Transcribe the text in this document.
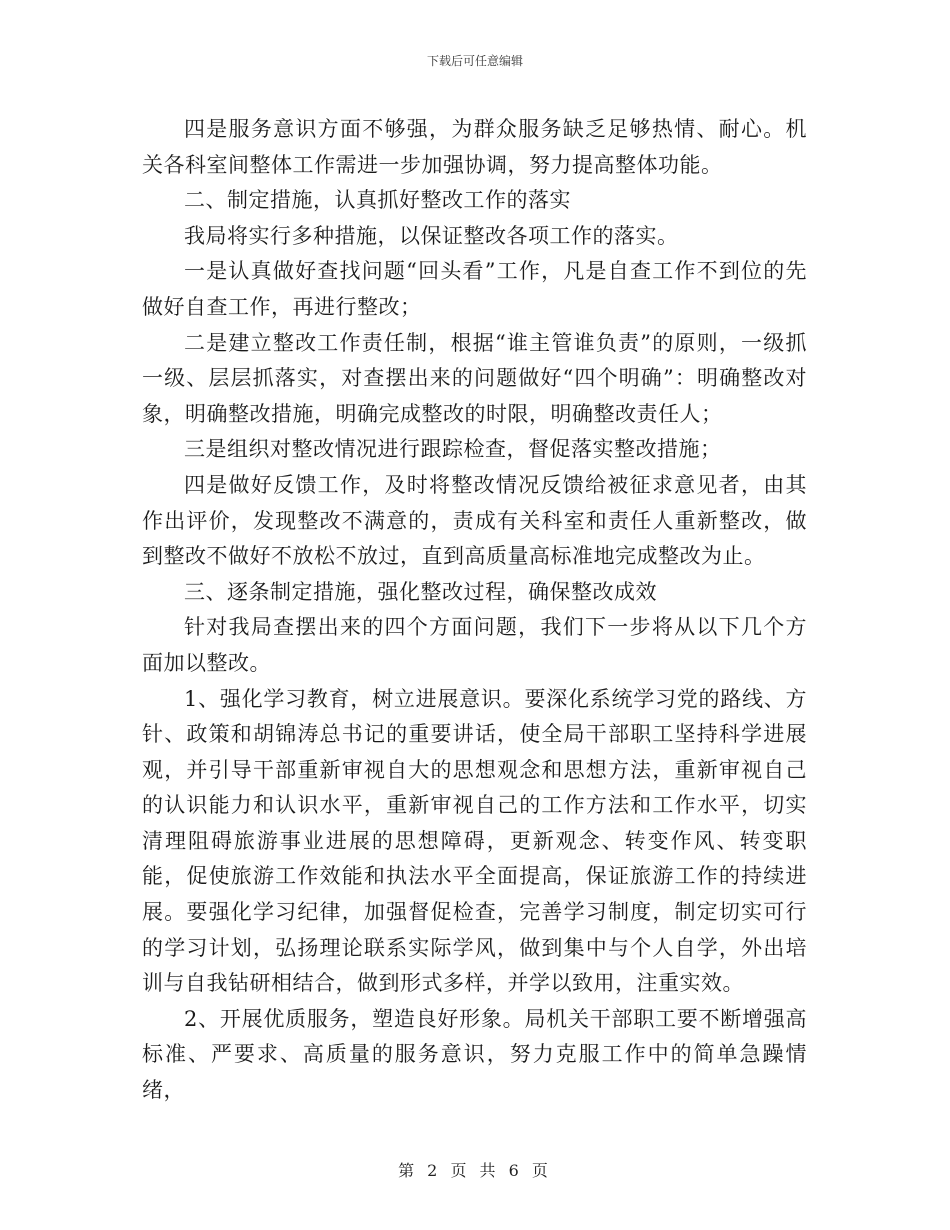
下载后可任意编辑

四是服务意识方面不够强，为群众服务缺乏足够热情、耐心。机关各科室间整体工作需进一步加强协调，努力提高整体功能。

二、制定措施，认真抓好整改工作的落实

我局将实行多种措施，以保证整改各项工作的落实。

一是认真做好查找问题“回头看”工作，凡是自查工作不到位的先做好自查工作，再进行整改；

二是建立整改工作责任制，根据“谁主管谁负责”的原则，一级抓一级、层层抓落实，对查摆出来的问题做好“四个明确”：明确整改对象，明确整改措施，明确完成整改的时限，明确整改责任人；

三是组织对整改情况进行跟踪检查，督促落实整改措施；

四是做好反馈工作，及时将整改情况反馈给被征求意见者，由其作出评价，发现整改不满意的，责成有关科室和责任人重新整改，做到整改不做好不放松不放过，直到高质量高标准地完成整改为止。

三、逐条制定措施，强化整改过程，确保整改成效

针对我局查摆出来的四个方面问题，我们下一步将从以下几个方面加以整改。

1、强化学习教育，树立进展意识。要深化系统学习党的路线、方针、政策和胡锦涛总书记的重要讲话，使全局干部职工坚持科学进展观，并引导干部重新审视自大的思想观念和思想方法，重新审视自己的认识能力和认识水平，重新审视自己的工作方法和工作水平，切实清理阻碍旅游事业进展的思想障碍，更新观念、转变作风、转变职能，促使旅游工作效能和执法水平全面提高，保证旅游工作的持续进展。要强化学习纪律，加强督促检查，完善学习制度，制定切实可行的学习计划，弘扬理论联系实际学风，做到集中与个人自学，外出培训与自我钻研相结合，做到形式多样，并学以致用，注重实效。

2、开展优质服务，塑造良好形象。局机关干部职工要不断增强高标准、严要求、高质量的服务意识，努力克服工作中的简单急躁情绪，

第 2 页 共 6 页
